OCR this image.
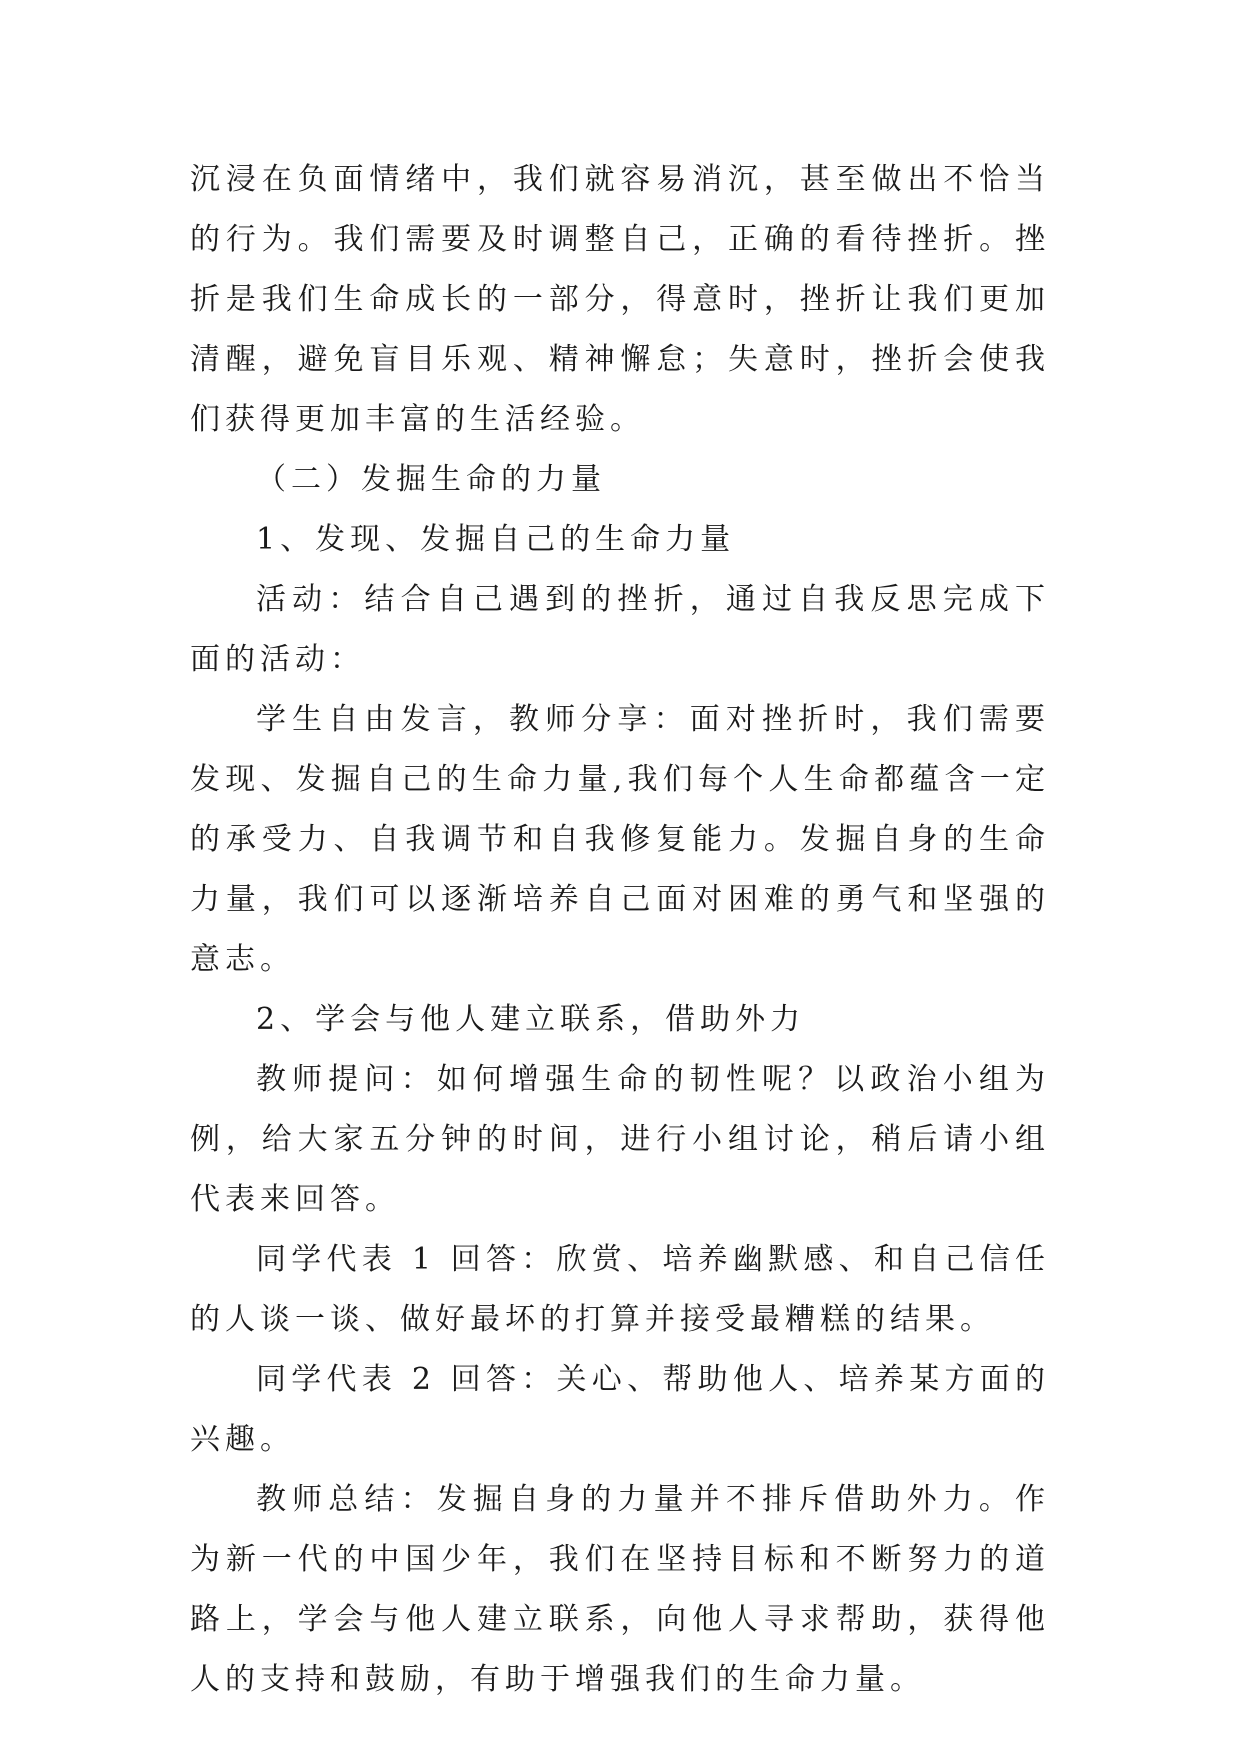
沉浸在负面情绪中，我们就容易消沉，甚至做出不恰当的行为。我们需要及时调整自己，正确的看待挫折。挫折是我们生命成长的一部分，得意时，挫折让我们更加清醒，避免盲目乐观、精神懈怠；失意时，挫折会使我们获得更加丰富的生活经验。

（二）发掘生命的力量

1、发现、发掘自己的生命力量

活动：结合自己遇到的挫折，通过自我反思完成下面的活动：

学生自由发言，教师分享：面对挫折时，我们需要发现、发掘自己的生命力量,我们每个人生命都蕴含一定的承受力、自我调节和自我修复能力。发掘自身的生命力量，我们可以逐渐培养自己面对困难的勇气和坚强的意志。

2、学会与他人建立联系，借助外力

教师提问：如何增强生命的韧性呢？以政治小组为例，给大家五分钟的时间，进行小组讨论，稍后请小组代表来回答。

同学代表 1 回答：欣赏、培养幽默感、和自己信任的人谈一谈、做好最坏的打算并接受最糟糕的结果。

同学代表 2 回答：关心、帮助他人、培养某方面的兴趣。

教师总结：发掘自身的力量并不排斥借助外力。作为新一代的中国少年，我们在坚持目标和不断努力的道路上，学会与他人建立联系，向他人寻求帮助，获得他人的支持和鼓励，有助于增强我们的生命力量。
